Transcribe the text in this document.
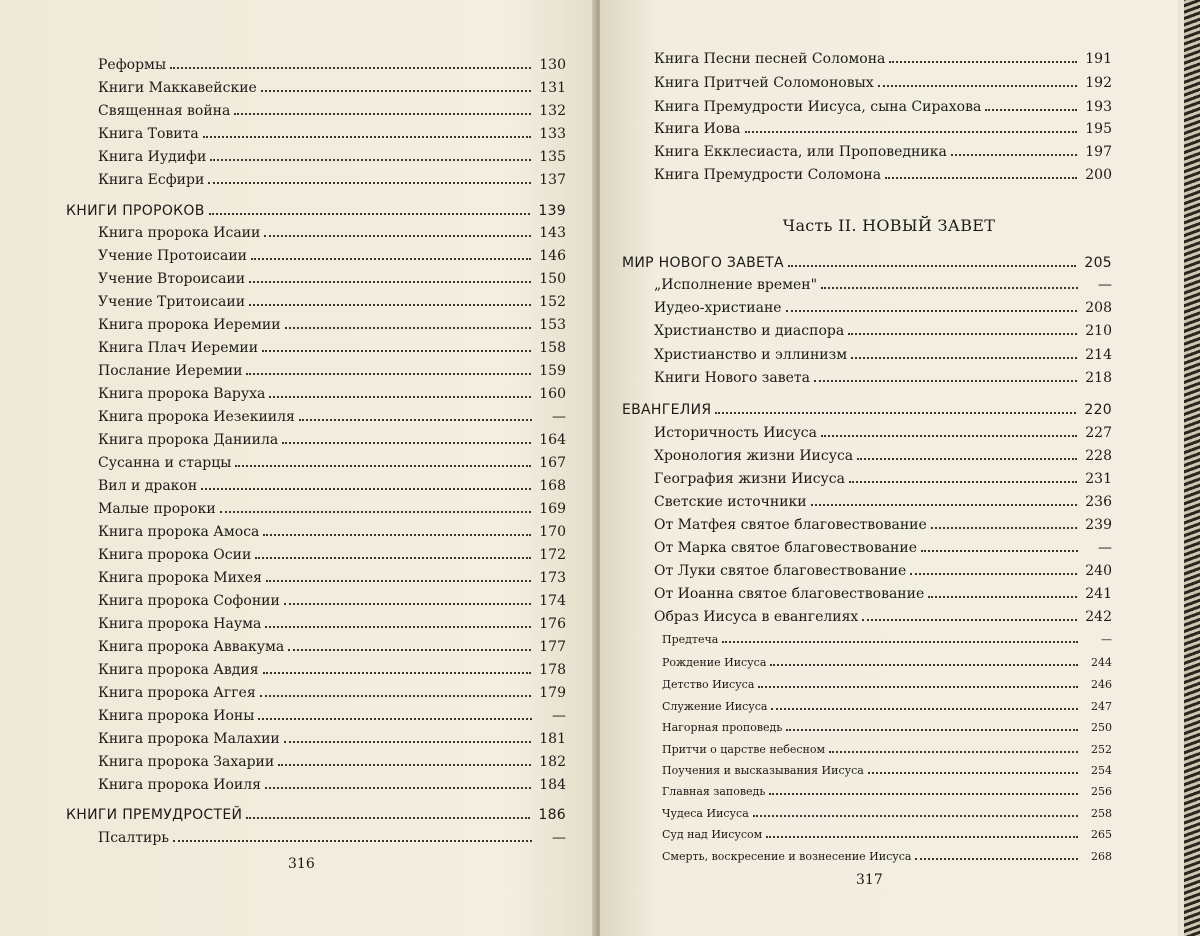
Реформы	130
Книги Маккавейские	131
Священная война	132
Книга Товита	133
Книга Иудифи	135
Книга Есфири	137
КНИГИ ПРОРОКОВ	139
Книга пророка Исаии	143
Учение Протоисаии	146
Учение Второисаии	150
Учение Тритоисаии	152
Книга пророка Иеремии	153
Книга Плач Иеремии	158
Послание Иеремии	159
Книга пророка Варуха	160
Книга пророка Иезекииля	—
Книга пророка Даниила	164
Сусанна и старцы	167
Вил и дракон	168
Малые пророки	169
Книга пророка Амоса	170
Книга пророка Осии	172
Книга пророка Михея	173
Книга пророка Софонии	174
Книга пророка Наума	176
Книга пророка Аввакума	177
Книга пророка Авдия	178
Книга пророка Аггея	179
Книга пророка Ионы	—
Книга пророка Малахии	181
Книга пророка Захарии	182
Книга пророка Иоиля	184
КНИГИ ПРЕМУДРОСТЕЙ	186
Псалтирь	—
316
Книга Песни песней Соломона	191
Книга Притчей Соломоновых	192
Книга Премудрости Иисуса, сына Сирахова	193
Книга Иова	195
Книга Екклесиаста, или Проповедника	197
Книга Премудрости Соломона	200
МИР НОВОГО ЗАВЕТА	205
„Исполнение времен"	—
Иудео-христиане	208
Христианство и диаспора	210
Христианство и эллинизм	214
Книги Нового завета	218
ЕВАНГЕЛИЯ	220
Историчность Иисуса	227
Хронология жизни Иисуса	228
География жизни Иисуса	231
Светские источники	236
От Матфея святое благовествование	239
От Марка святое благовествование	—
От Луки святое благовествование	240
От Иоанна святое благовествование	241
Образ Иисуса в евангелиях	242
Предтеча	—
Рождение Иисуса	244
Детство Иисуса	246
Служение Иисуса	247
Нагорная проповедь	250
Притчи о царстве небесном	252
Поучения и высказывания Иисуса	254
Главная заповедь	256
Чудеса Иисуса	258
Суд над Иисусом	265
Смерть, воскресение и вознесение Иисуса	268
Часть II. НОВЫЙ ЗАВЕТ
317
